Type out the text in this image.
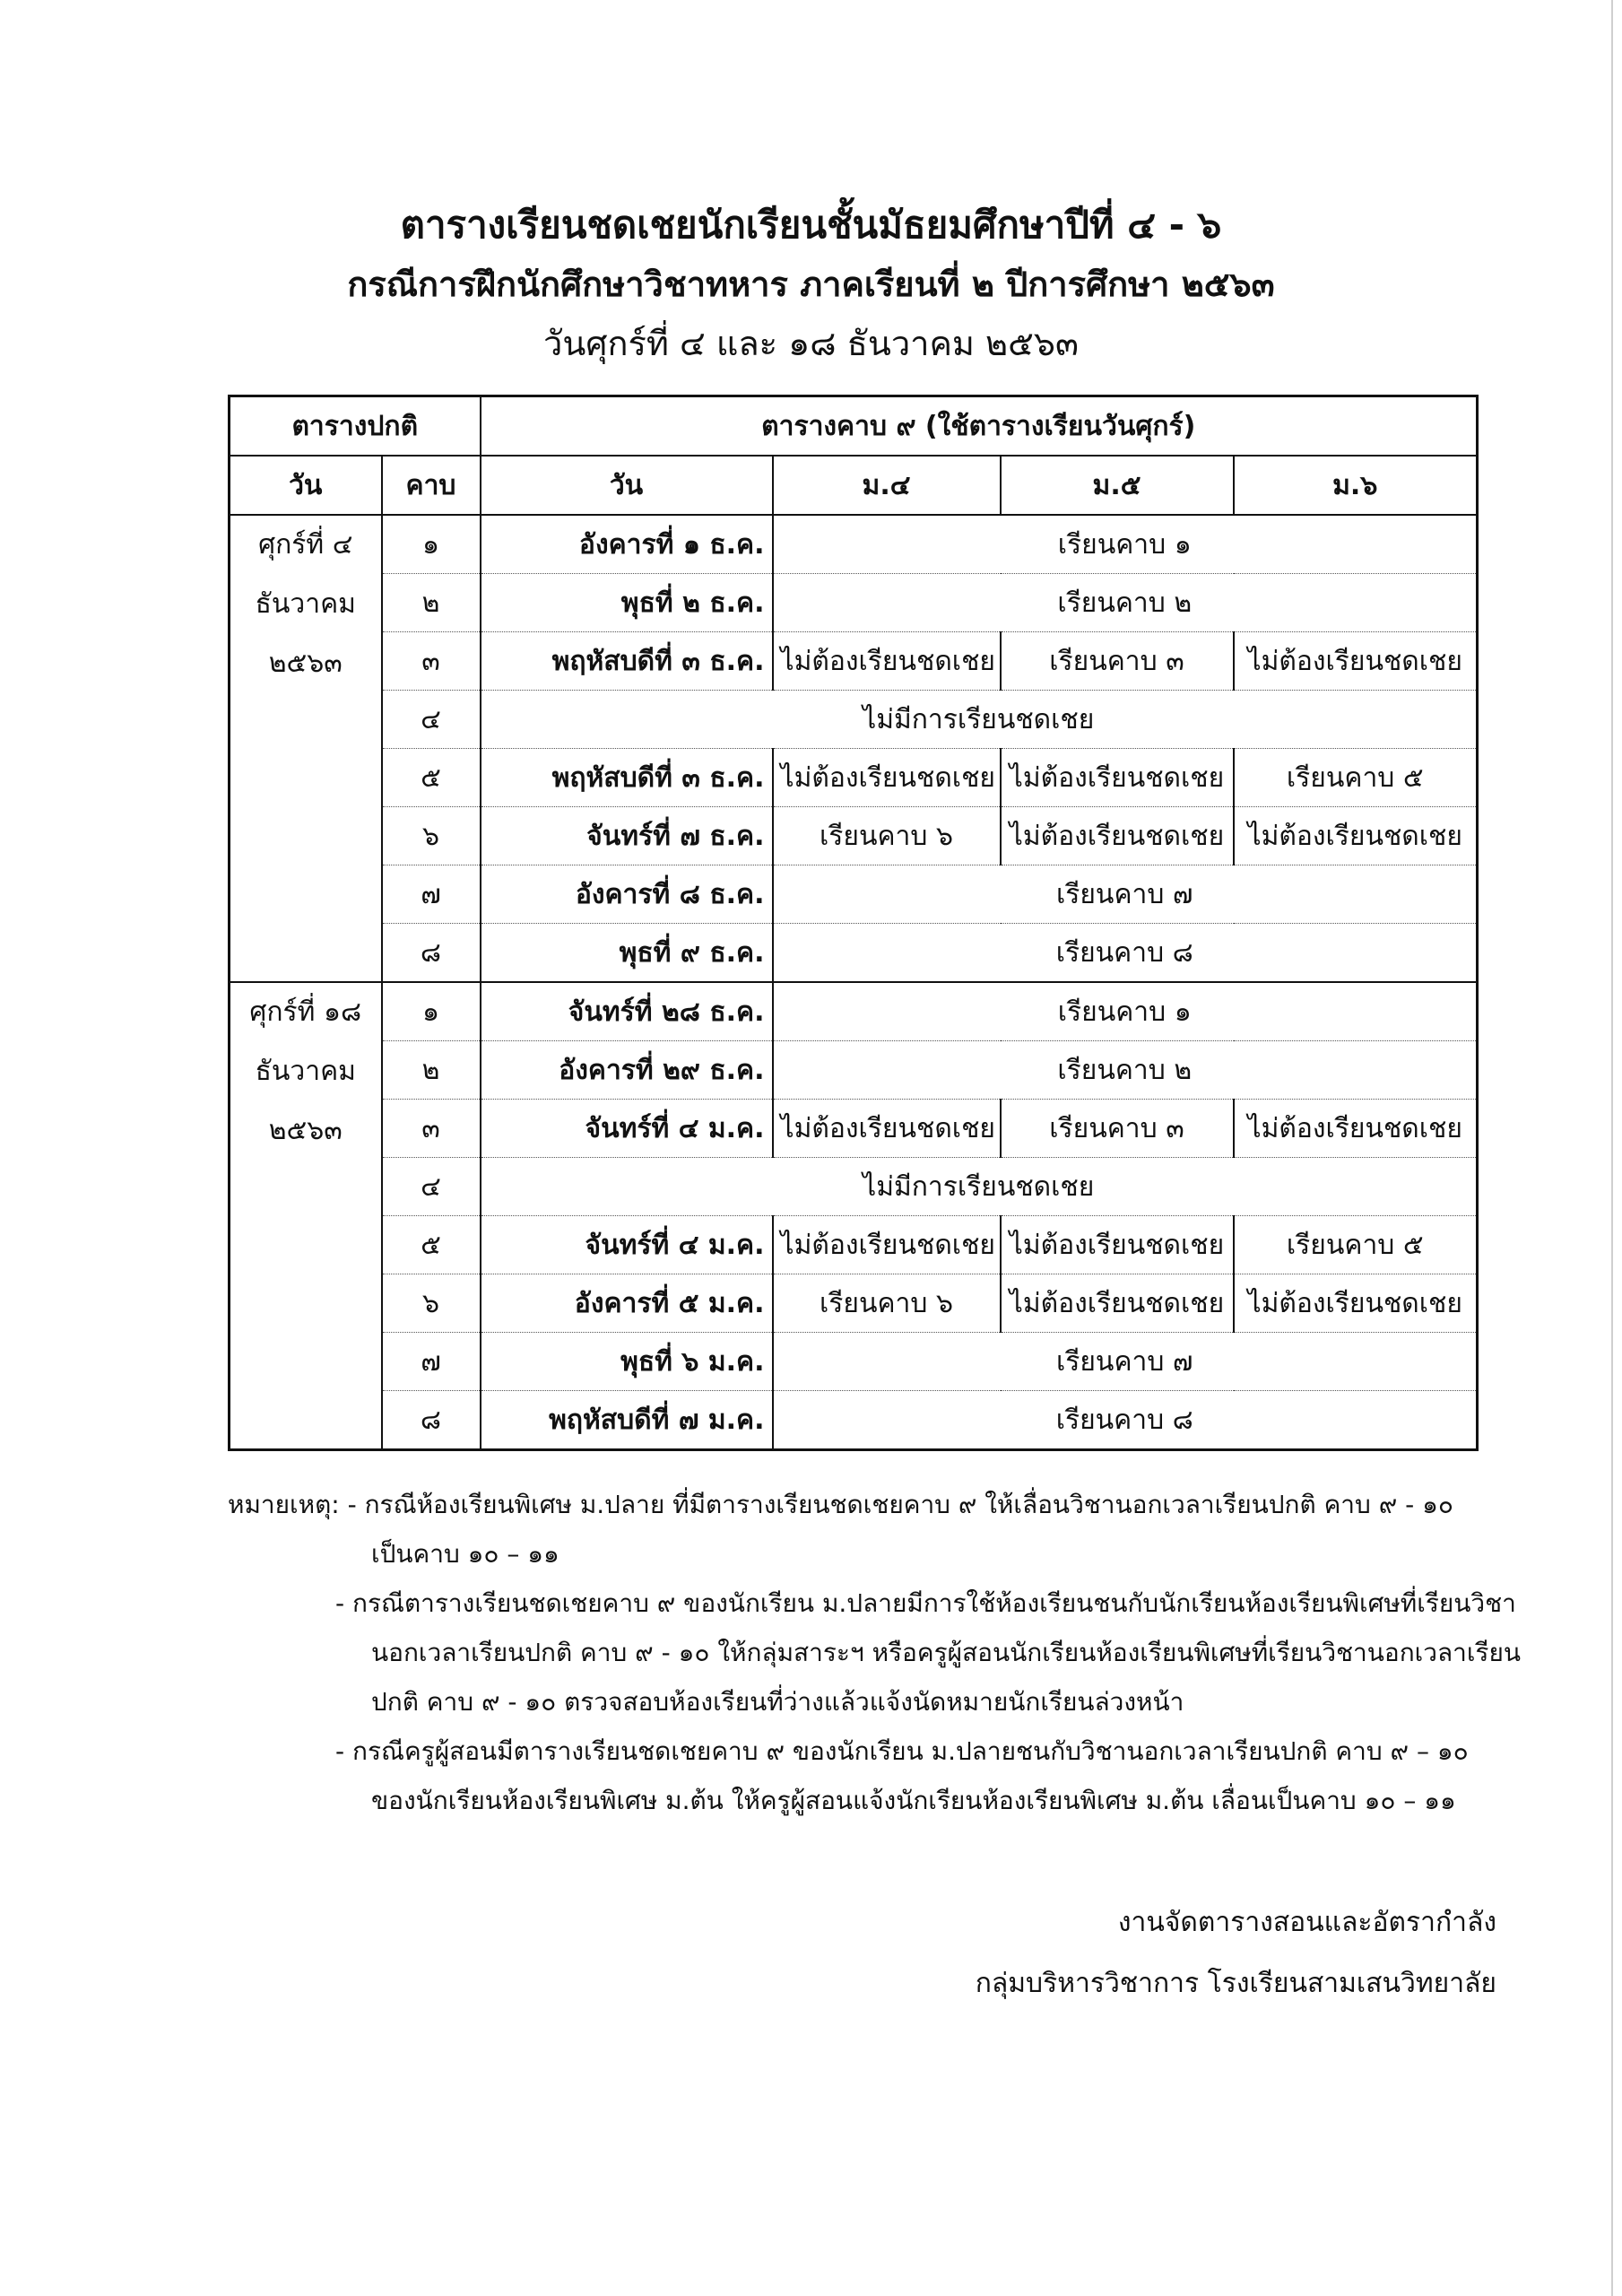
ตารางเรียนชดเชยนักเรียนชั้นมัธยมศึกษาปีที่ ๔ - ๖
กรณีการฝึกนักศึกษาวิชาทหาร ภาคเรียนที่ ๒ ปีการศึกษา ๒๕๖๓
วันศุกร์ที่ ๔ และ ๑๘ ธันวาคม ๒๕๖๓
ตารางปกติ		ตารางคาบ ๙ (ใช้ตารางเรียนวันศุกร์)			
วัน	คาบ	วัน	ม.๔	ม.๕	ม.๖

ศุกร์ที่ ๔
ธันวาคม
๒๕๖๓	๑	อังคารที่ ๑ ธ.ค.	เรียนคาบ ๑		
	๒	พุธที่ ๒ ธ.ค.	เรียนคาบ ๒		
	๓	พฤหัสบดีที่ ๓ ธ.ค.	ไม่ต้องเรียนชดเชย	เรียนคาบ ๓	ไม่ต้องเรียนชดเชย
	๔	ไม่มีการเรียนชดเชย			
	๕	พฤหัสบดีที่ ๓ ธ.ค.	ไม่ต้องเรียนชดเชย	ไม่ต้องเรียนชดเชย	เรียนคาบ ๕
	๖	จันทร์ที่ ๗ ธ.ค.	เรียนคาบ ๖	ไม่ต้องเรียนชดเชย	ไม่ต้องเรียนชดเชย
	๗	อังคารที่ ๘ ธ.ค.	เรียนคาบ ๗		
	๘	พุธที่ ๙ ธ.ค.	เรียนคาบ ๘		

ศุกร์ที่ ๑๘
ธันวาคม
๒๕๖๓	๑	จันทร์ที่ ๒๘ ธ.ค.	เรียนคาบ ๑		
	๒	อังคารที่ ๒๙ ธ.ค.	เรียนคาบ ๒		
	๓	จันทร์ที่ ๔ ม.ค.	ไม่ต้องเรียนชดเชย	เรียนคาบ ๓	ไม่ต้องเรียนชดเชย
	๔	ไม่มีการเรียนชดเชย			
	๕	จันทร์ที่ ๔ ม.ค.	ไม่ต้องเรียนชดเชย	ไม่ต้องเรียนชดเชย	เรียนคาบ ๕
	๖	อังคารที่ ๕ ม.ค.	เรียนคาบ ๖	ไม่ต้องเรียนชดเชย	ไม่ต้องเรียนชดเชย
	๗	พุธที่ ๖ ม.ค.	เรียนคาบ ๗		
	๘	พฤหัสบดีที่ ๗ ม.ค.	เรียนคาบ ๘		
หมายเหตุ: - กรณีห้องเรียนพิเศษ ม.ปลาย ที่มีตารางเรียนชดเชยคาบ ๙ ให้เลื่อนวิชานอกเวลาเรียนปกติ คาบ ๙ - ๑๐
เป็นคาบ ๑๐ – ๑๑
- กรณีตารางเรียนชดเชยคาบ ๙ ของนักเรียน ม.ปลายมีการใช้ห้องเรียนชนกับนักเรียนห้องเรียนพิเศษที่เรียนวิชา
นอกเวลาเรียนปกติ คาบ ๙ - ๑๐ ให้กลุ่มสาระฯ หรือครูผู้สอนนักเรียนห้องเรียนพิเศษที่เรียนวิชานอกเวลาเรียน
ปกติ คาบ ๙ - ๑๐ ตรวจสอบห้องเรียนที่ว่างแล้วแจ้งนัดหมายนักเรียนล่วงหน้า
- กรณีครูผู้สอนมีตารางเรียนชดเชยคาบ ๙ ของนักเรียน ม.ปลายชนกับวิชานอกเวลาเรียนปกติ คาบ ๙ – ๑๐
ของนักเรียนห้องเรียนพิเศษ ม.ต้น ให้ครูผู้สอนแจ้งนักเรียนห้องเรียนพิเศษ ม.ต้น เลื่อนเป็นคาบ ๑๐ – ๑๑
งานจัดตารางสอนและอัตรากำลัง
กลุ่มบริหารวิชาการ โรงเรียนสามเสนวิทยาลัย
